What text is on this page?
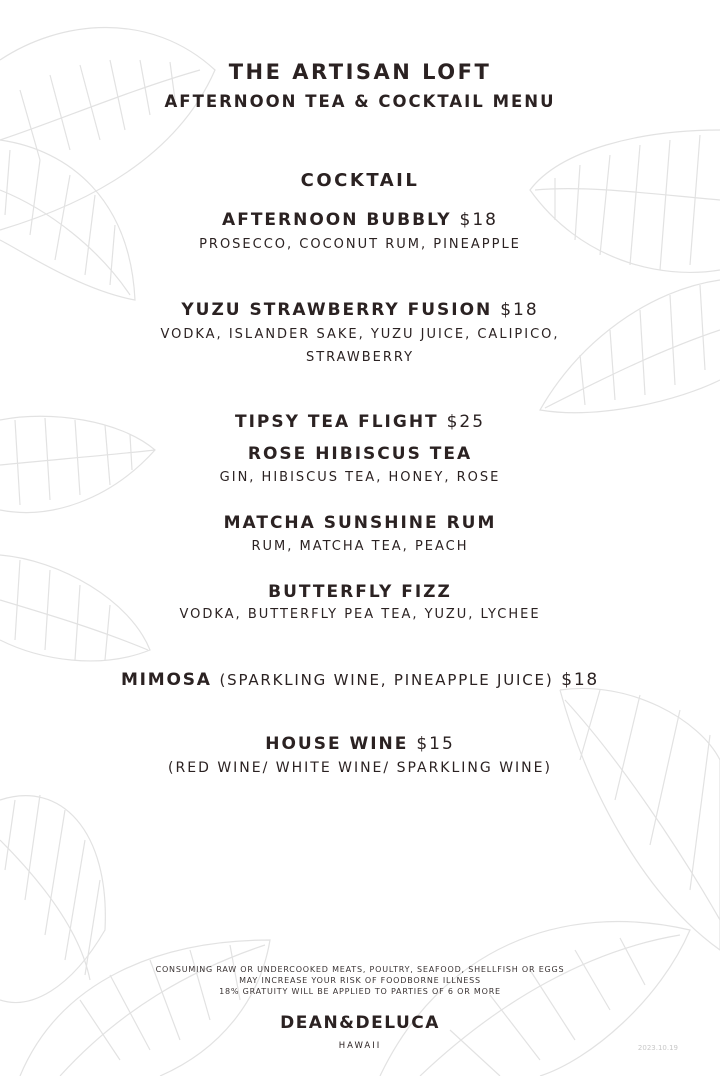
THE ARTISAN LOFT
AFTERNOON TEA & COCKTAIL MENU
COCKTAIL
AFTERNOON BUBBLY $18
PROSECCO, COCONUT RUM, PINEAPPLE
YUZU STRAWBERRY FUSION $18
VODKA, ISLANDER SAKE, YUZU JUICE, CALIPICO,
STRAWBERRY
TIPSY TEA FLIGHT $25
ROSE HIBISCUS TEA
GIN, HIBISCUS TEA, HONEY, ROSE
MATCHA SUNSHINE RUM
RUM, MATCHA TEA, PEACH
BUTTERFLY FIZZ
VODKA, BUTTERFLY PEA TEA, YUZU, LYCHEE
MIMOSA (SPARKLING WINE, PINEAPPLE JUICE) $18
HOUSE WINE $15
(RED WINE/ WHITE WINE/ SPARKLING WINE)
CONSUMING RAW OR UNDERCOOKED MEATS, POULTRY, SEAFOOD, SHELLFISH OR EGGS
MAY INCREASE YOUR RISK OF FOODBORNE ILLNESS
18% GRATUITY WILL BE APPLIED TO PARTIES OF 6 OR MORE
DEAN&DELUCA
HAWAII	2023.10.19
